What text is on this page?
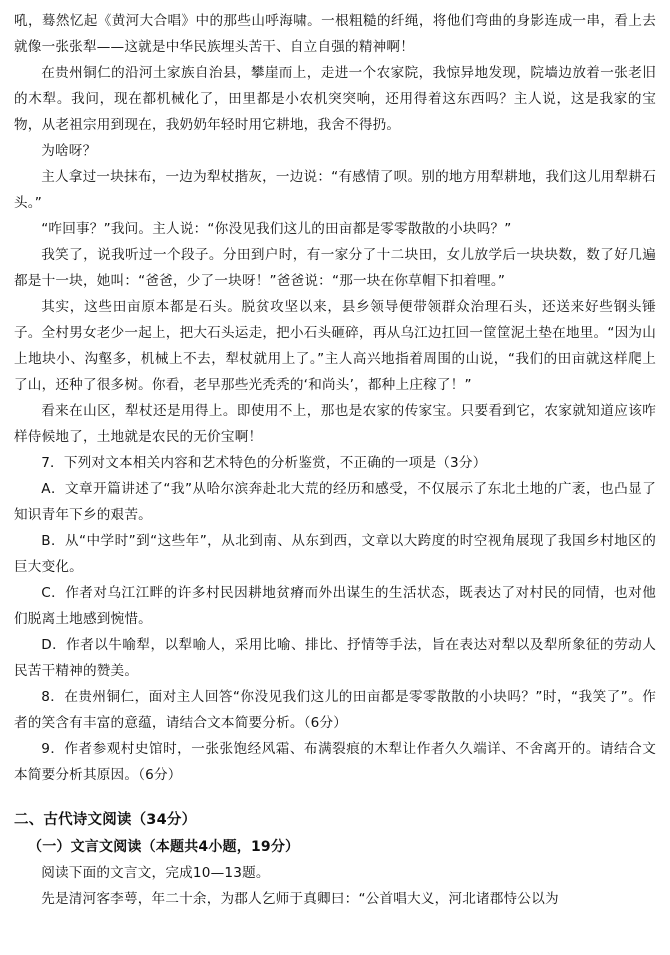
吼，蓦然忆起《黄河大合唱》中的那些山呼海啸。一根粗糙的纤绳，将他们弯曲的身影连成一串，看上去就像一张张犁——这就是中华民族埋头苦干、自立自强的精神啊！

在贵州铜仁的沿河土家族自治县，攀崖而上，走进一个农家院，我惊异地发现，院墙边放着一张老旧的木犁。我问，现在都机械化了，田里都是小农机突突响，还用得着这东西吗？主人说，这是我家的宝物，从老祖宗用到现在，我奶奶年轻时用它耕地，我舍不得扔。

为啥呀？

主人拿过一块抹布，一边为犁杖揩灰，一边说：“有感情了呗。别的地方用犁耕地，我们这儿用犁耕石头。”

“咋回事？”我问。主人说：“你没见我们这儿的田亩都是零零散散的小块吗？”

我笑了，说我听过一个段子。分田到户时，有一家分了十二块田，女儿放学后一块块数，数了好几遍都是十一块，她叫：“爸爸，少了一块呀！”爸爸说：“那一块在你草帽下扣着哩。”

其实，这些田亩原本都是石头。脱贫攻坚以来，县乡领导便带领群众治理石头，还送来好些钢头锤子。全村男女老少一起上，把大石头运走，把小石头砸碎，再从乌江边扛回一筐筐泥土垫在地里。“因为山上地块小、沟壑多，机械上不去，犁杖就用上了。”主人高兴地指着周围的山说，“我们的田亩就这样爬上了山，还种了很多树。你看，老早那些光秃秃的‘和尚头’，都种上庄稼了！”

看来在山区，犁杖还是用得上。即使用不上，那也是农家的传家宝。只要看到它，农家就知道应该咋样侍候地了，土地就是农民的无价宝啊！

7．下列对文本相关内容和艺术特色的分析鉴赏，不正确的一项是（3分）

A．文章开篇讲述了“我”从哈尔滨奔赴北大荒的经历和感受，不仅展示了东北土地的广袤，也凸显了知识青年下乡的艰苦。

B．从“中学时”到“这些年”，从北到南、从东到西，文章以大跨度的时空视角展现了我国乡村地区的巨大变化。

C．作者对乌江江畔的许多村民因耕地贫瘠而外出谋生的生活状态，既表达了对村民的同情，也对他们脱离土地感到惋惜。

D．作者以牛喻犁，以犁喻人，采用比喻、排比、抒情等手法，旨在表达对犁以及犁所象征的劳动人民苦干精神的赞美。

8．在贵州铜仁，面对主人回答“你没见我们这儿的田亩都是零零散散的小块吗？”时，“我笑了”。作者的笑含有丰富的意蕴，请结合文本简要分析。（6分）

9．作者参观村史馆时，一张张饱经风霜、布满裂痕的木犁让作者久久端详、不舍离开的。请结合文本简要分析其原因。（6分）

二、古代诗文阅读（34分）

（一）文言文阅读（本题共4小题，19分）

阅读下面的文言文，完成10—13题。

先是清河客李萼，年二十余，为郡人乞师于真卿曰：“公首唱大义，河北诸郡恃公以为
